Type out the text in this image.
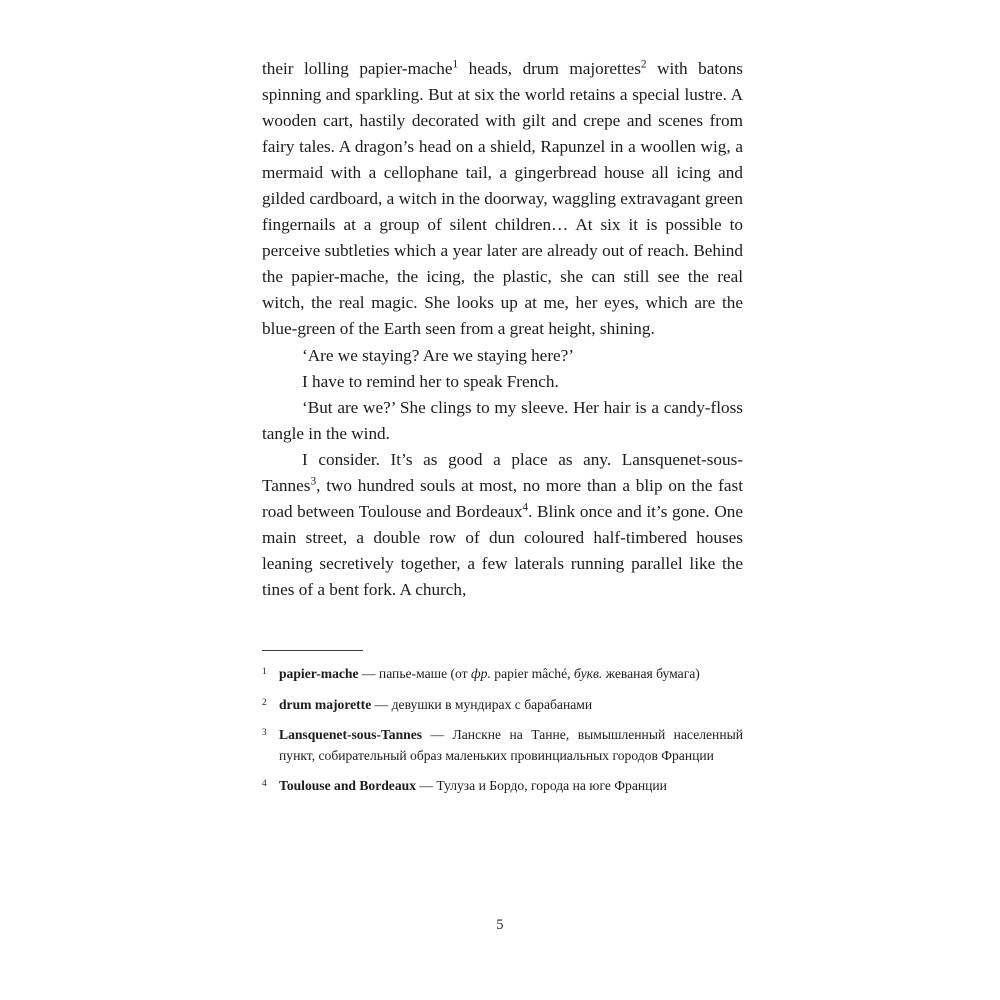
their lolling papier-mache$^1$ heads, drum majorettes$^2$ with batons spinning and sparkling. But at six the world retains a special lustre. A wooden cart, hastily decorated with gilt and crepe and scenes from fairy tales. A dragon’s head on a shield, Rapunzel in a woollen wig, a mermaid with a cellophane tail, a gingerbread house all icing and gilded cardboard, a witch in the doorway, waggling extravagant green fingernails at a group of silent children… At six it is possible to perceive subtleties which a year later are already out of reach. Behind the papier-mache, the icing, the plastic, she can still see the real witch, the real magic. She looks up at me, her eyes, which are the blue-green of the Earth seen from a great height, shining.

‘Are we staying? Are we staying here?’

I have to remind her to speak French.

‘But are we?’ She clings to my sleeve. Her hair is a candy-floss tangle in the wind.

I consider. It’s as good a place as any. Lansquenet-sous-Tannes$^3$, two hundred souls at most, no more than a blip on the fast road between Toulouse and Bordeaux$^4$. Blink once and it’s gone. One main street, a double row of dun coloured half-timbered houses leaning secretively together, a few laterals running parallel like the tines of a bent fork. A church,

1 papier-mache — папье-маше (от фр. papier mâché, букв. жеваная бумага)
2 drum majorette — девушки в мундирах с барабанами
3 Lansquenet-sous-Tannes — Ланскне на Танне, вымышленный населенный пункт, собирательный образ маленьких провинциальных городов Франции
4 Toulouse and Bordeaux — Тулуза и Бордо, города на юге Франции
5
